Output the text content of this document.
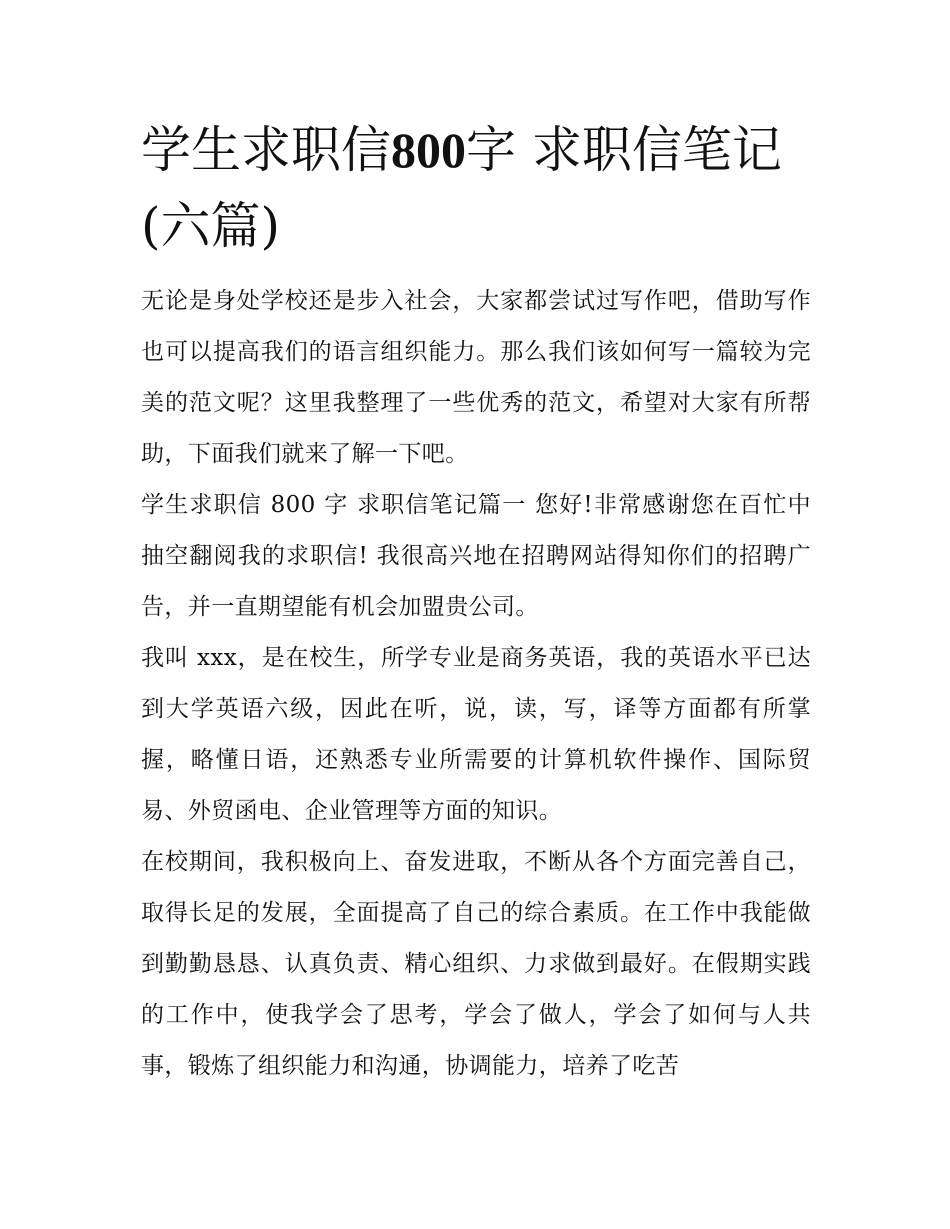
学生求职信800字 求职信笔记(六篇)

无论是身处学校还是步入社会，大家都尝试过写作吧，借助写作也可以提高我们的语言组织能力。那么我们该如何写一篇较为完美的范文呢？这里我整理了一些优秀的范文，希望对大家有所帮助，下面我们就来了解一下吧。

学生求职信 800 字 求职信笔记篇一 您好!非常感谢您在百忙中抽空翻阅我的求职信! 我很高兴地在招聘网站得知你们的招聘广告，并一直期望能有机会加盟贵公司。

我叫 xxx，是在校生，所学专业是商务英语，我的英语水平已达到大学英语六级，因此在听，说，读，写，译等方面都有所掌握，略懂日语，还熟悉专业所需要的计算机软件操作、国际贸易、外贸函电、企业管理等方面的知识。

在校期间，我积极向上、奋发进取，不断从各个方面完善自己，取得长足的发展，全面提高了自己的综合素质。在工作中我能做到勤勤恳恳、认真负责、精心组织、力求做到最好。在假期实践的工作中，使我学会了思考，学会了做人，学会了如何与人共事，锻炼了组织能力和沟通，协调能力，培养了吃苦
